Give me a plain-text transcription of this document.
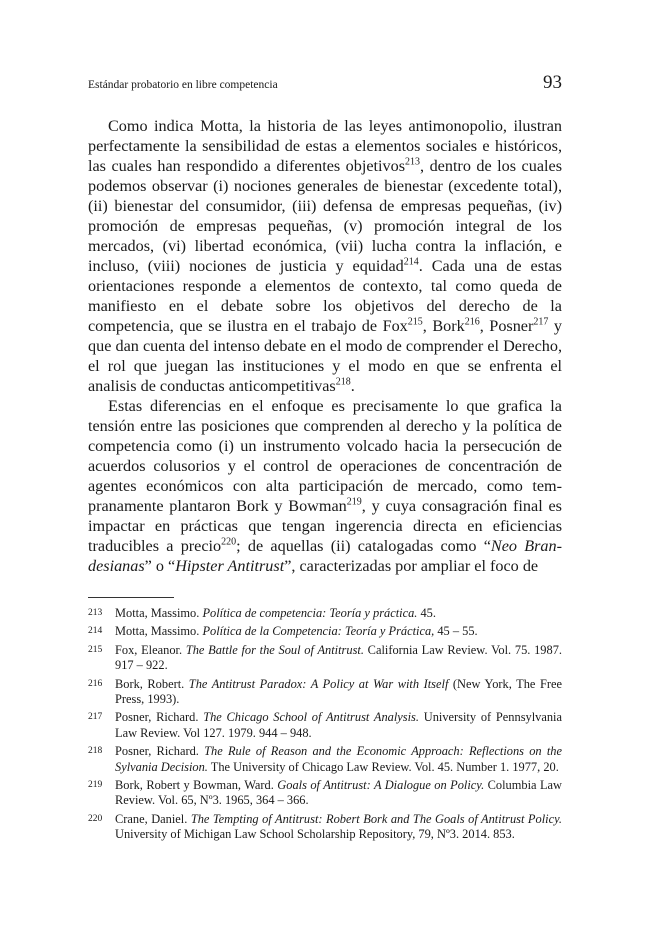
Estándar probatorio en libre competencia	93

Como indica Motta, la historia de las leyes antimonopolio, ilustran perfectamente la sensibilidad de estas a elementos sociales e históricos, las cuales han respondido a diferentes objetivos$^{213}$, dentro de los cuales podemos observar (i) nociones generales de bienestar (excedente total), (ii) bienestar del consumidor, (iii) defensa de empresas pequeñas, (iv) promoción de empresas pequeñas, (v) promoción integral de los mercados, (vi) libertad económica, (vii) lucha contra la inflación, e incluso, (viii) nociones de justicia y equidad$^{214}$. Cada una de estas orientaciones responde a elementos de contexto, tal como queda de manifiesto en el debate sobre los objetivos del derecho de la competencia, que se ilustra en el trabajo de Fox$^{215}$, Bork$^{216}$, Posner$^{217}$ y que dan cuenta del intenso debate en el modo de comprender el Derecho, el rol que juegan las instituciones y el modo en que se enfrenta el analisis de conductas anticompetitivas$^{218}$.

Estas diferencias en el enfoque es precisamente lo que grafica la tensión entre las posiciones que comprenden al derecho y la política de competencia como (i) un instrumento volcado hacia la persecución de acuerdos colusorios y el control de operaciones de concentración de agentes económicos con alta participación de mercado, como tempranamente plantaron Bork y Bowman$^{219}$, y cuya consagración final es impactar en prácticas que tengan ingerencia directa en eficiencias traducibles a precio$^{220}$; de aquellas (ii) catalogadas como “Neo Brandesianas” o “Hipster Antitrust”, caracterizadas por ampliar el foco de

213	Motta, Massimo. Política de competencia: Teoría y práctica. 45.
214	Motta, Massimo. Política de la Competencia: Teoría y Práctica, 45 – 55.
215	Fox, Eleanor. The Battle for the Soul of Antitrust. California Law Review. Vol. 75. 1987. 917 – 922.
216	Bork, Robert. The Antitrust Paradox: A Policy at War with Itself (New York, The Free Press, 1993).
217	Posner, Richard. The Chicago School of Antitrust Analysis. University of Pennsylvania Law Review. Vol 127. 1979. 944 – 948.
218	Posner, Richard. The Rule of Reason and the Economic Approach: Reflections on the Sylvania Decision. The University of Chicago Law Review. Vol. 45. Number 1. 1977, 20.
219	Bork, Robert y Bowman, Ward. Goals of Antitrust: A Dialogue on Policy. Columbia Law Review. Vol. 65, Nº3. 1965, 364 – 366.
220	Crane, Daniel. The Tempting of Antitrust: Robert Bork and The Goals of Antitrust Policy. University of Michigan Law School Scholarship Repository, 79, Nº3. 2014. 853.
